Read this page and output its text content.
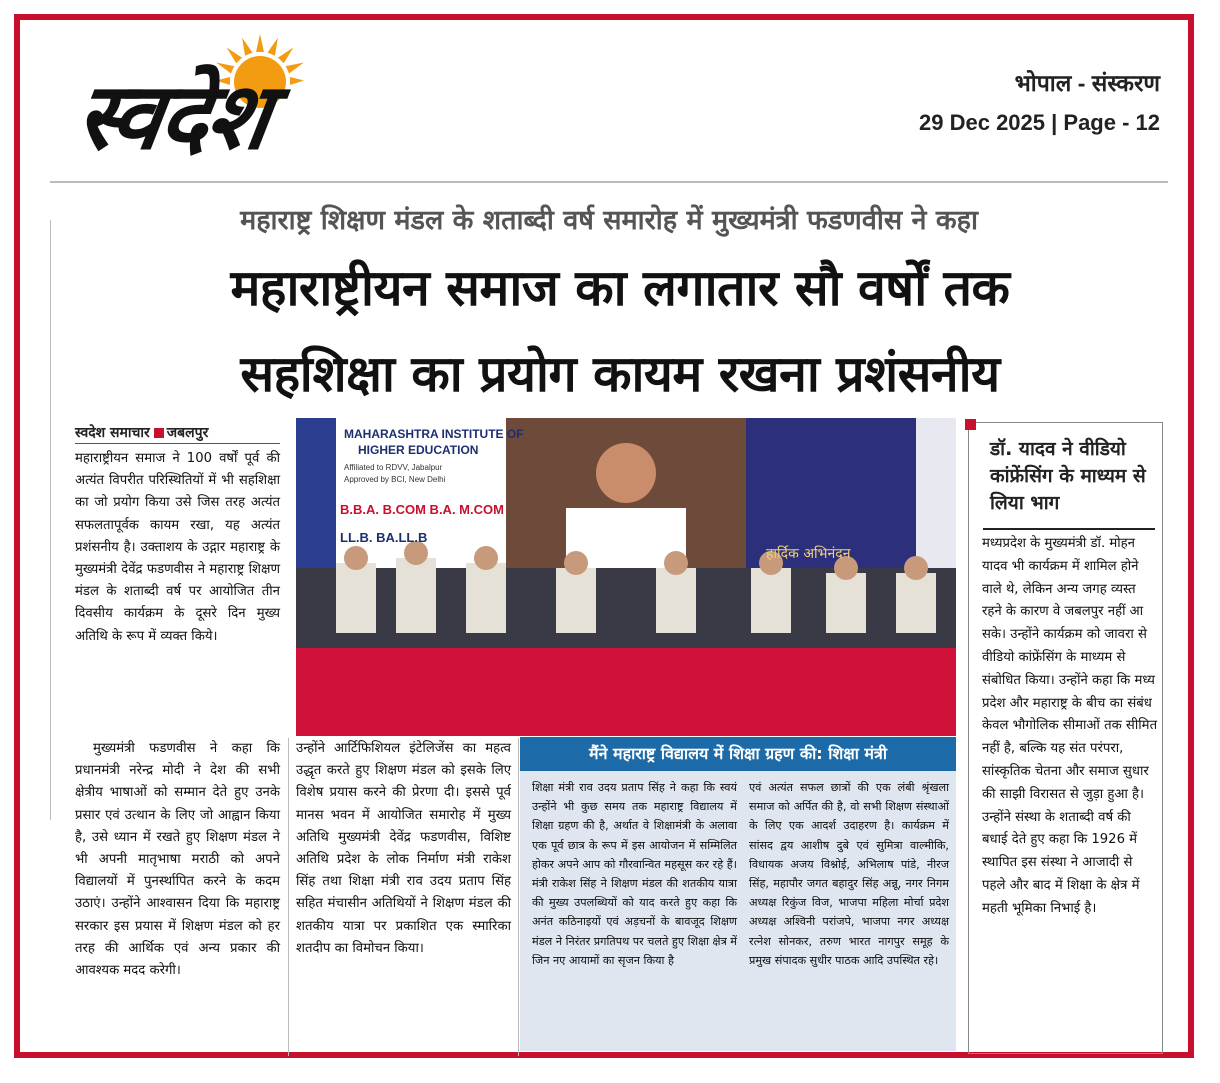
स्वदेश	भोपाल - संस्करण
29 Dec 2025 | Page - 12
महाराष्ट्र शिक्षण मंडल के शताब्दी वर्ष समारोह में मुख्यमंत्री फडणवीस ने कहा
महाराष्ट्रीयन समाज का लगातार सौ वर्षों तक
सहशिक्षा का प्रयोग कायम रखना प्रशंसनीय
स्वदेश समाचार जबलपुर

महाराष्ट्रीयन समाज ने 100 वर्षों पूर्व की अत्यंत विपरीत परिस्थितियों में भी सहशिक्षा का जो प्रयोग किया उसे जिस तरह अत्यंत सफलतापूर्वक कायम रखा, यह अत्यंत प्रशंसनीय है। उक्ताशय के उद्गार महाराष्ट्र के मुख्यमंत्री देवेंद्र फडणवीस ने महाराष्ट्र शिक्षण मंडल के शताब्दी वर्ष पर आयोजित तीन दिवसीय कार्यक्रम के दूसरे दिन मुख्य अतिथि के रूप में व्यक्त किये।

MAHARASHTRA INSTITUTE OF
HIGHER EDUCATION
Affiliated to RDVV, Jabalpur
Approved by BCI, New Delhi
B.B.A. B.COM B.A. M.COM
LL.B. BA.LL.B
हार्दिक अभिनंदन

मुख्यमंत्री फडणवीस ने कहा कि प्रधानमंत्री नरेन्द्र मोदी ने देश की सभी क्षेत्रीय भाषाओं को सम्मान देते हुए उनके प्रसार एवं उत्थान के लिए जो आह्वान किया है, उसे ध्यान में रखते हुए शिक्षण मंडल ने भी अपनी मातृभाषा मराठी को अपने विद्यालयों में पुनर्स्थापित करने के कदम उठाएं। उन्होंने आश्वासन दिया कि महाराष्ट्र सरकार इस प्रयास में शिक्षण मंडल को हर तरह की आर्थिक एवं अन्य प्रकार की आवश्यक मदद करेगी।

उन्होंने आर्टिफिशियल इंटेलिजेंस का महत्व उद्धृत करते हुए शिक्षण मंडल को इसके लिए विशेष प्रयास करने की प्रेरणा दी। इससे पूर्व मानस भवन में आयोजित समारोह में मुख्य अतिथि मुख्यमंत्री देवेंद्र फडणवीस, विशिष्ट अतिथि प्रदेश के लोक निर्माण मंत्री राकेश सिंह तथा शिक्षा मंत्री राव उदय प्रताप सिंह सहित मंचासीन अतिथियों ने शिक्षण मंडल की शतकीय यात्रा पर प्रकाशित एक स्मारिका शतदीप का विमोचन किया।

मैंने महाराष्ट्र विद्यालय में शिक्षा ग्रहण की: शिक्षा मंत्री

शिक्षा मंत्री राव उदय प्रताप सिंह ने कहा कि स्वयं उन्होंने भी कुछ समय तक महाराष्ट्र विद्यालय में शिक्षा ग्रहण की है, अर्थात वे शिक्षामंत्री के अलावा एक पूर्व छात्र के रूप में इस आयोजन में सम्मिलित होकर अपने आप को गौरवान्वित महसूस कर रहे हैं। मंत्री राकेश सिंह ने शिक्षण मंडल की शतकीय यात्रा की मुख्य उपलब्धियों को याद करते हुए कहा कि अनंत कठिनाइयों एवं अड़चनों के बावजूद शिक्षण मंडल ने निरंतर प्रगतिपथ पर चलते हुए शिक्षा क्षेत्र में जिन नए आयामों का सृजन किया है

एवं अत्यंत सफल छात्रों की एक लंबी श्रृंखला समाज को अर्पित की है, वो सभी शिक्षण संस्थाओं के लिए एक आदर्श उदाहरण है। कार्यक्रम में सांसद द्वय आशीष दुबे एवं सुमित्रा वाल्मीकि, विधायक अजय विश्नोई, अभिलाष पांडे, नीरज सिंह, महापौर जगत बहादुर सिंह अन्नू, नगर निगम अध्यक्ष रिकुंज विज, भाजपा महिला मोर्चा प्रदेश अध्यक्ष अश्विनी परांजपे, भाजपा नगर अध्यक्ष रत्नेश सोनकर, तरुण भारत नागपुर समूह के प्रमुख संपादक सुधीर पाठक आदि उपस्थित रहे।

डॉ. यादव ने वीडियो कांफ्रेंसिंग के माध्यम से लिया भाग

मध्यप्रदेश के मुख्यमंत्री डॉ. मोहन यादव भी कार्यक्रम में शामिल होने वाले थे, लेकिन अन्य जगह व्यस्त रहने के कारण वे जबलपुर नहीं आ सके। उन्होंने कार्यक्रम को जावरा से वीडियो कांफ्रेंसिंग के माध्यम से संबोधित किया। उन्होंने कहा कि मध्य प्रदेश और महाराष्ट्र के बीच का संबंध केवल भौगोलिक सीमाओं तक सीमित नहीं है, बल्कि यह संत परंपरा, सांस्कृतिक चेतना और समाज सुधार की साझी विरासत से जुड़ा हुआ है। उन्होंने संस्था के शताब्दी वर्ष की बधाई देते हुए कहा कि 1926 में स्थापित इस संस्था ने आजादी से पहले और बाद में शिक्षा के क्षेत्र में महती भूमिका निभाई है।
